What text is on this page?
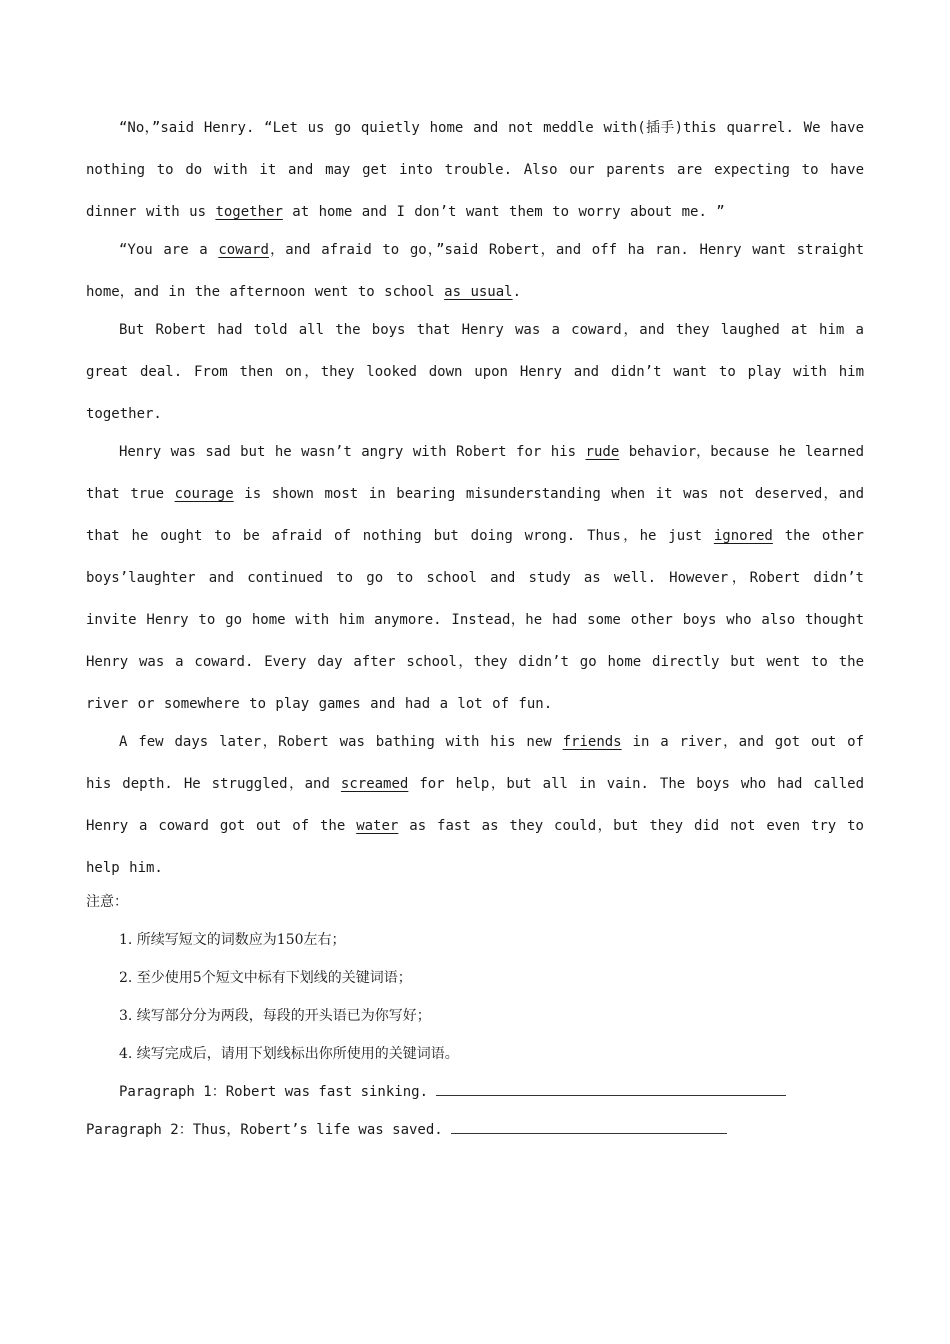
“No，”said Henry. “Let us go quietly home and not meddle with(插手)this quarrel. We have nothing to do with it and may get into trouble. Also our parents are expecting to have dinner with us together at home and I don’t want them to worry about me. ”

“You are a coward，and afraid to go，”said Robert，and off ha ran. Henry want straight home，and in the afternoon went to school as usual.

But Robert had told all the boys that Henry was a coward，and they laughed at him a great deal. From then on，they looked down upon Henry and didn’t want to play with him together.

Henry was sad but he wasn’t angry with Robert for his rude behavior，because he learned that true courage is shown most in bearing misunderstanding when it was not deserved，and that he ought to be afraid of nothing but doing wrong. Thus，he just ignored the other boys’laughter and continued to go to school and study as well. However，Robert didn’t invite Henry to go home with him anymore. Instead，he had some other boys who also thought Henry was a coward. Every day after school，they didn’t go home directly but went to the river or somewhere to play games and had a lot of fun.

A few days later，Robert was bathing with his new friends in a river，and got out of his depth. He struggled，and screamed for help，but all in vain. The boys who had called Henry a coward got out of the water as fast as they could，but they did not even try to help him.

注意：

1. 所续写短文的词数应为150左右；

2. 至少使用5个短文中标有下划线的关键词语；

3. 续写部分分为两段，每段的开头语已为你写好；

4. 续写完成后，请用下划线标出你所使用的关键词语。

Paragraph 1：Robert was fast sinking.

Paragraph 2：Thus，Robert’s life was saved.
